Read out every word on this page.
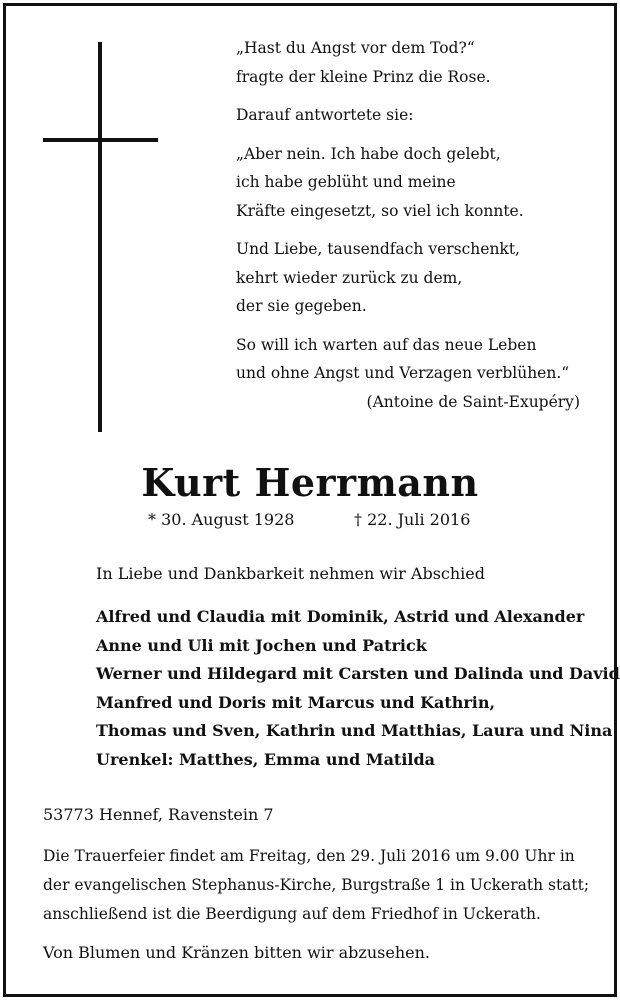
„Hast du Angst vor dem Tod?“
fragte der kleine Prinz die Rose.

Darauf antwortete sie:

„Aber nein. Ich habe doch gelebt,
ich habe geblüht und meine
Kräfte eingesetzt, so viel ich konnte.

Und Liebe, tausendfach verschenkt,
kehrt wieder zurück zu dem,
der sie gegeben.

So will ich warten auf das neue Leben
und ohne Angst und Verzagen verblühen.“
(Antoine de Saint-Exupéry)

Kurt Herrmann
* 30. August 1928	† 22. Juli 2016
In Liebe und Dankbarkeit nehmen wir Abschied
Alfred und Claudia mit Dominik, Astrid und Alexander
Anne und Uli mit Jochen und Patrick
Werner und Hildegard mit Carsten und Dalinda und David
Manfred und Doris mit Marcus und Kathrin,
Thomas und Sven, Kathrin und Matthias, Laura und Nina
Urenkel: Matthes, Emma und Matilda
53773 Hennef, Ravenstein 7
Die Trauerfeier findet am Freitag, den 29. Juli 2016 um 9.00 Uhr in
der evangelischen Stephanus-Kirche, Burgstraße 1 in Uckerath statt;
anschließend ist die Beerdigung auf dem Friedhof in Uckerath.
Von Blumen und Kränzen bitten wir abzusehen.
